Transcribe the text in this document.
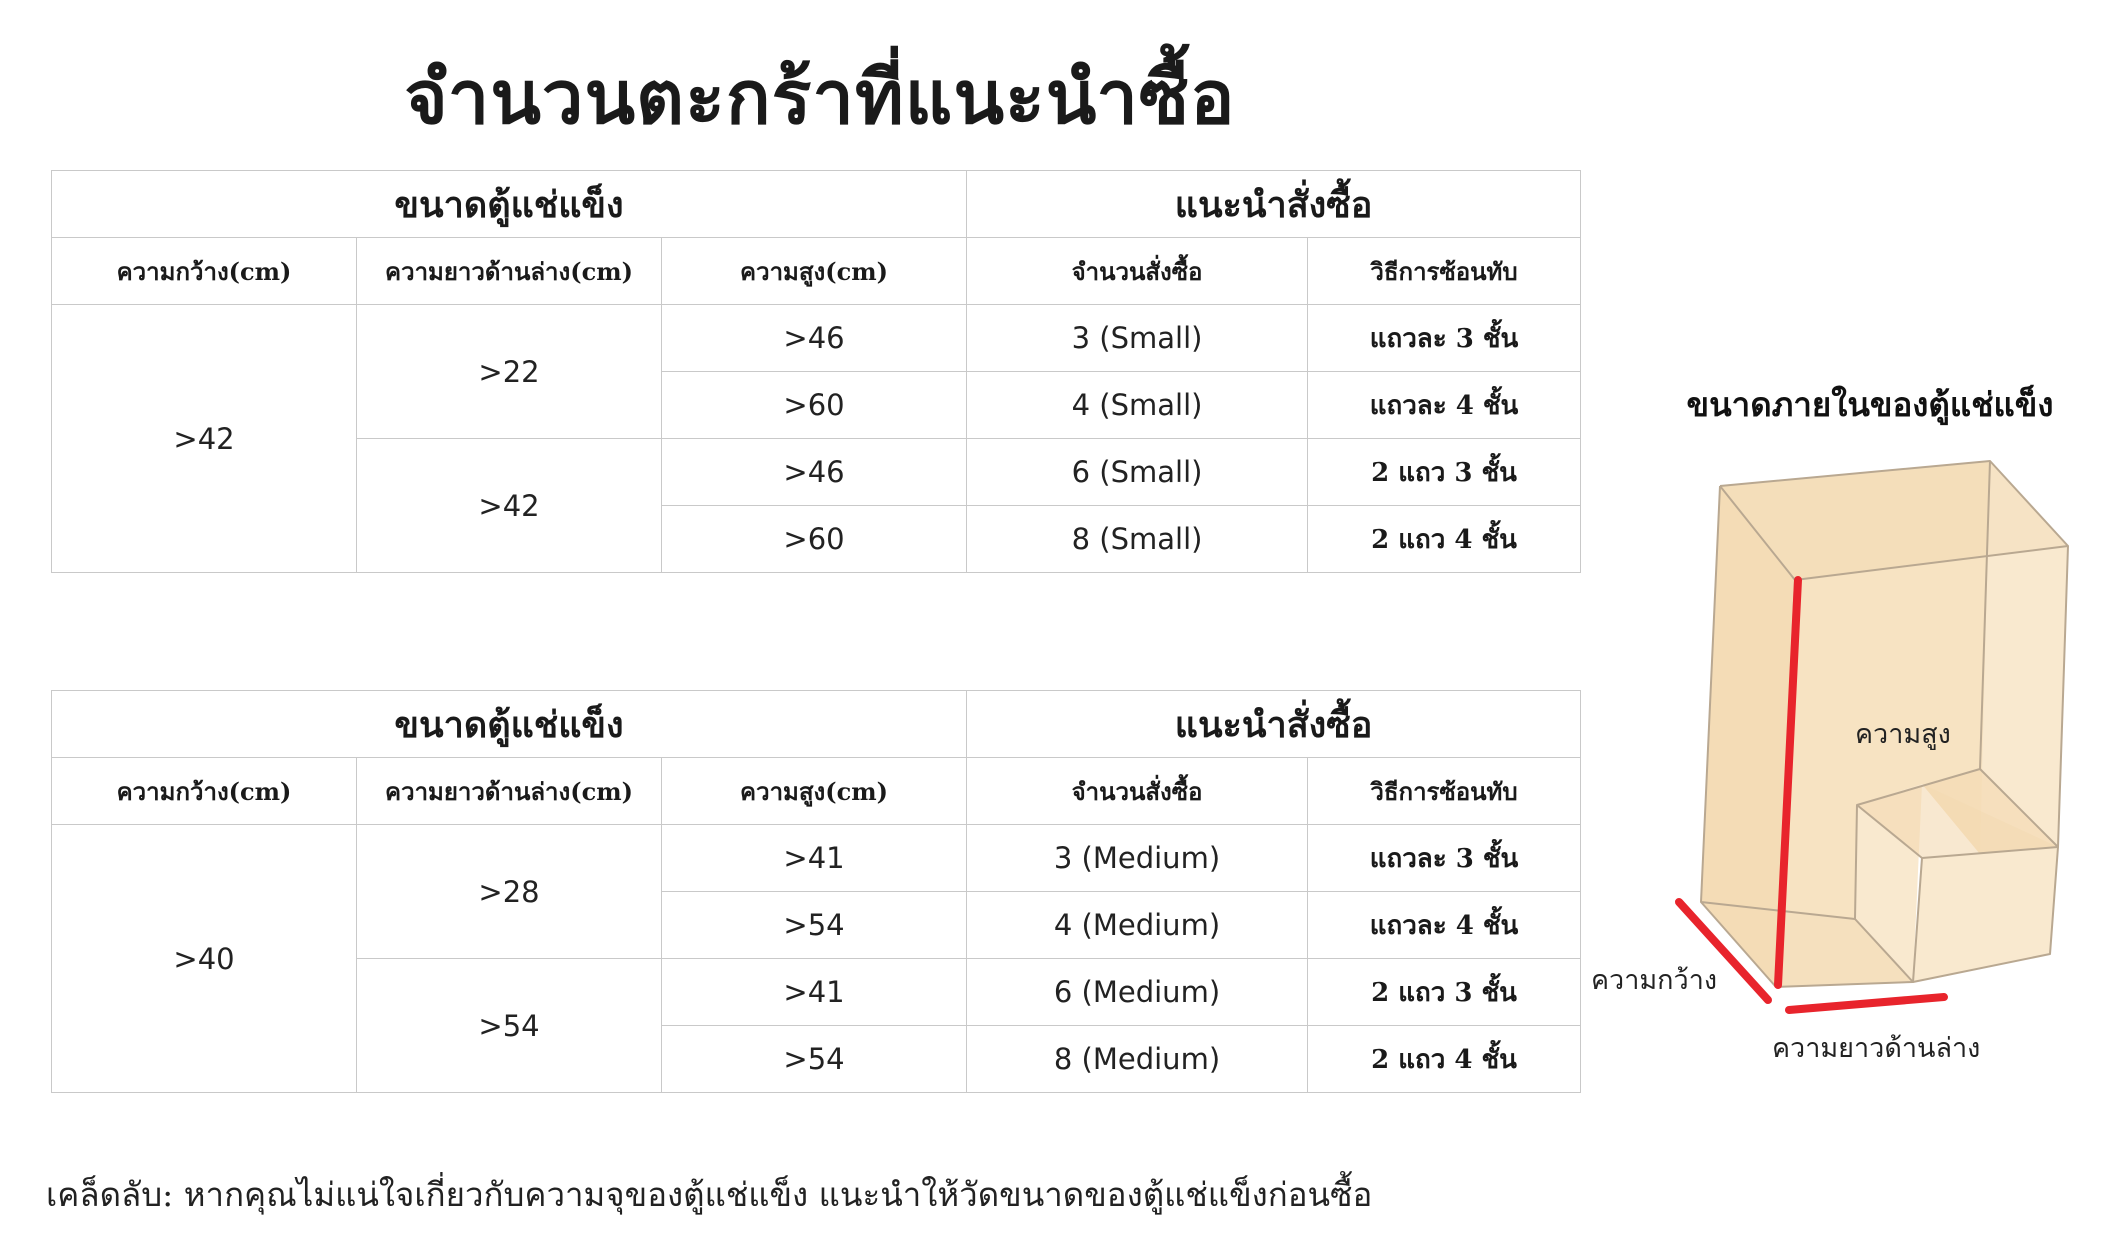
จำนวนตะกร้าที่แนะนำซื้อ
ขนาดตู้แช่แข็ง			แนะนำสั่งซื้อ	
ความกว้าง(cm)	ความยาวด้านล่าง(cm)	ความสูง(cm)	จำนวนสั่งซื้อ	วิธีการซ้อนทับ
>42	>22	>46	3 (Small)	แถวละ 3 ชั้น
		>60	4 (Small)	แถวละ 4 ชั้น
	>42	>46	6 (Small)	2 แถว 3 ชั้น
		>60	8 (Small)	2 แถว 4 ชั้น
ขนาดตู้แช่แข็ง			แนะนำสั่งซื้อ	
ความกว้าง(cm)	ความยาวด้านล่าง(cm)	ความสูง(cm)	จำนวนสั่งซื้อ	วิธีการซ้อนทับ
>40	>28	>41	3 (Medium)	แถวละ 3 ชั้น
		>54	4 (Medium)	แถวละ 4 ชั้น
	>54	>41	6 (Medium)	2 แถว 3 ชั้น
		>54	8 (Medium)	2 แถว 4 ชั้น
เคล็ดลับ: หากคุณไม่แน่ใจเกี่ยวกับความจุของตู้แช่แข็ง แนะนำให้วัดขนาดของตู้แช่แข็งก่อนซื้อ
ขนาดภายในของตู้แช่แข็ง
ความสูง
ความกว้าง
ความยาวด้านล่าง
